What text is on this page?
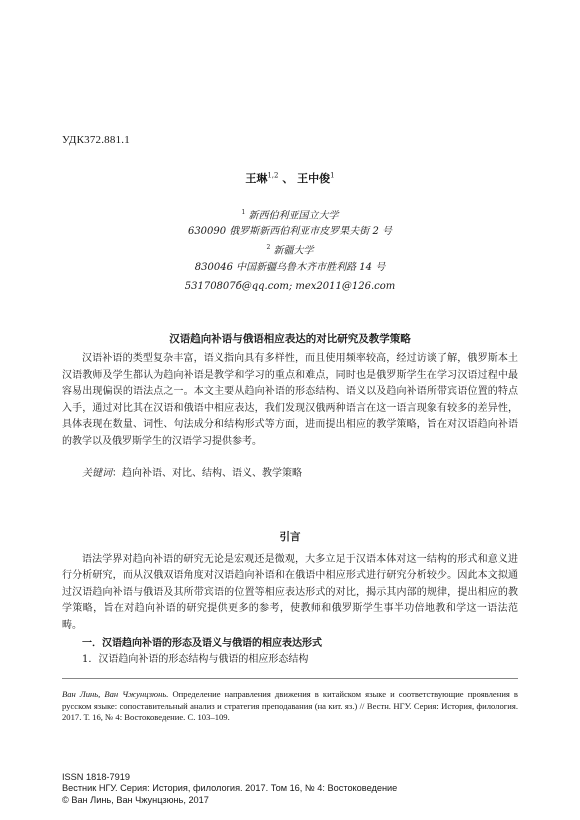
УДК372.881.1
王琳$^{1,2}$ 、 王中俊$^1$
$^1$ 新西伯利亚国立大学
630090 俄罗斯新西伯利亚市皮罗果夫街 2 号
$^2$ 新疆大学
830046 中国新疆乌鲁木齐市胜利路 14 号
53170807б@qq.com; mex2011@126.com
汉语趋向补语与俄语相应表达的对比研究及教学策略

汉语补语的类型复杂丰富，语义指向具有多样性，而且使用频率较高，经过访谈了解，俄罗斯本土汉语教师及学生都认为趋向补语是教学和学习的重点和难点，同时也是俄罗斯学生在学习汉语过程中最容易出现偏误的语法点之一。本文主要从趋向补语的形态结构、语义以及趋向补语所带宾语位置的特点入手，通过对比其在汉语和俄语中相应表达，我们发现汉俄两种语言在这一语言现象有较多的差异性，具体表现在数量、词性、句法成分和结构形式等方面，进而提出相应的教学策略，旨在对汉语趋向补语的教学以及俄罗斯学生的汉语学习提供参考。

关键词：趋向补语、对比、结构、语义、教学策略
引言

语法学界对趋向补语的研究无论是宏观还是微观，大多立足于汉语本体对这一结构的形式和意义进行分析研究，而从汉俄双语角度对汉语趋向补语和在俄语中相应形式进行研究分析较少。因此本文拟通过汉语趋向补语与俄语及其所带宾语的位置等相应表达形式的对比，揭示其内部的规律，提出相应的教学策略，旨在对趋向补语的研究提供更多的参考，使教师和俄罗斯学生事半功倍地教和学这一语法范畴。

一．汉语趋向补语的形态及语义与俄语的相应表达形式
1．汉语趋向补语的形态结构与俄语的相应形态结构
Ван Линь, Ван Чжунцзюнь. Определение направления движения в китайском языке и соответствующие проявления в русском языке: сопоставительный анализ и стратегия преподавания (на кит. яз.) // Вестн. НГУ. Серия: История, филология. 2017. Т. 16, № 4: Востоковедение. С. 103–109.
ISSN 1818-7919
Вестник НГУ. Серия: История, филология. 2017. Том 16, № 4: Востоковедение
© Ван Линь, Ван Чжунцзюнь, 2017
